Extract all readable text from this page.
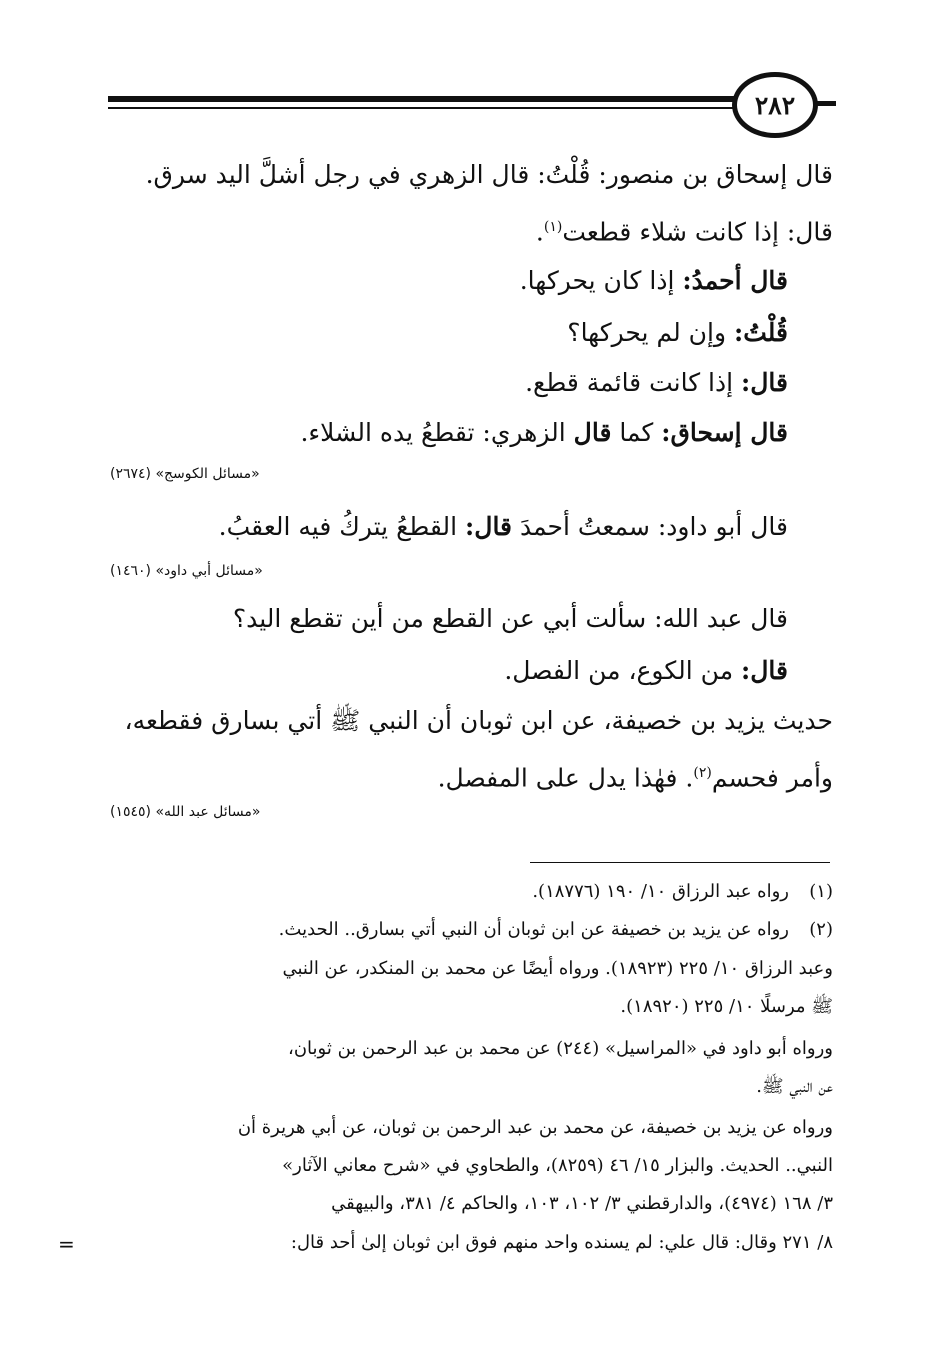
٢٨٢
قال إسحاق بن منصور: قُلْتُ: قال الزهري في رجل أشلَّ اليد سرق.
قال: إذا كانت شلاء قطعت$^{(١)}$.
قال أحمدُ: إذا كان يحركها.
قُلْتُ: وإن لم يحركها؟
قال: إذا كانت قائمة قطع.
قال إسحاق: كما قال الزهري: تقطعُ يده الشلاء.
«مسائل الكوسج» (٢٦٧٤)
قال أبو داود: سمعتُ أحمدَ قال: القطعُ يتركُ فيه العقبُ.
«مسائل أبي داود» (١٤٦٠)
قال عبد الله: سألت أبي عن القطع من أين تقطع اليد؟
قال: من الكوع، من الفصل.
حديث يزيد بن خصيفة، عن ابن ثوبان أن النبي ﷺ أتي بسارق فقطعه،
وأمر فحسم$^{(٢)}$. فهٰذا يدل على المفصل.
«مسائل عبد الله» (١٥٤٥)
(١)رواه عبد الرزاق ١٠/ ١٩٠ (١٨٧٧٦).
(٢)رواه عن يزيد بن خصيفة عن ابن ثوبان أن النبي أتي بسارق.. الحديث.
وعبد الرزاق ١٠/ ٢٢٥ (١٨٩٢٣). ورواه أيضًا عن محمد بن المنكدر، عن النبي
ﷺ مرسلًا ١٠/ ٢٢٥ (١٨٩٢٠).
ورواه أبو داود في «المراسيل» (٢٤٤) عن محمد بن عبد الرحمن بن ثوبان،
عن النبي ﷺ.
ورواه عن يزيد بن خصيفة، عن محمد بن عبد الرحمن بن ثوبان، عن أبي هريرة أن
النبي.. الحديث. والبزار ١٥/ ٤٦ (٨٢٥٩)، والطحاوي في «شرح معاني الآثار»
٣/ ١٦٨ (٤٩٧٤)، والدارقطني ٣/ ١٠٢، ١٠٣، والحاكم ٤/ ٣٨١، والبيهقي
٨/ ٢٧١ وقال: قال علي: لم يسنده واحد منهم فوق ابن ثوبان إلىٰ أحد قال:
=
